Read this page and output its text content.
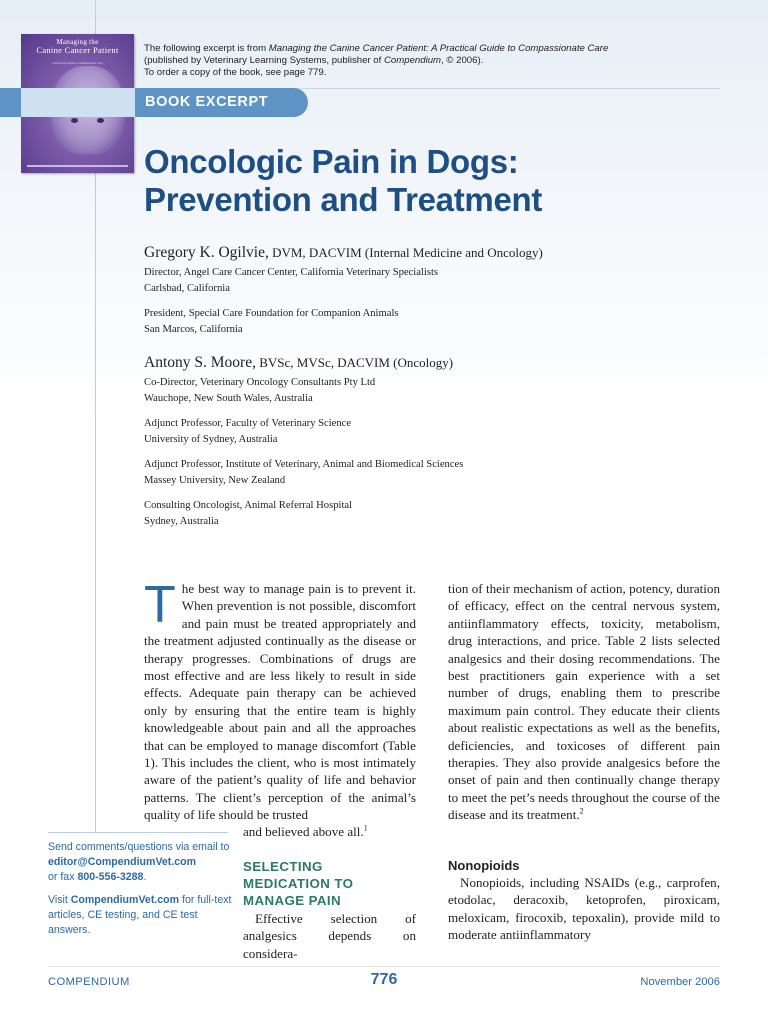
Managing the
Canine Cancer Patient
A Practical Guide to Compassionate Care
The following excerpt is from Managing the Canine Cancer Patient: A Practical Guide to Compassionate Care
(published by Veterinary Learning Systems, publisher of Compendium, © 2006).
To order a copy of the book, see page 779.
BOOK EXCERPT
Oncologic Pain in Dogs:
Prevention and Treatment

Gregory K. Ogilvie, DVM, DACVIM (Internal Medicine and Oncology)

Director, Angel Care Cancer Center, California Veterinary Specialists
Carlsbad, California

President, Special Care Foundation for Companion Animals
San Marcos, California

Antony S. Moore, BVSc, MVSc, DACVIM (Oncology)

Co-Director, Veterinary Oncology Consultants Pty Ltd
Wauchope, New South Wales, Australia

Adjunct Professor, Faculty of Veterinary Science
University of Sydney, Australia

Adjunct Professor, Institute of Veterinary, Animal and Biomedical Sciences
Massey University, New Zealand

Consulting Oncologist, Animal Referral Hospital
Sydney, Australia

The best way to manage pain is to prevent it. When prevention is not possible, discomfort and pain must be treated appropriately and the treatment adjusted continually as the disease or therapy progresses. Combinations of drugs are most effective and are less likely to result in side effects. Adequate pain therapy can be achieved only by ensuring that the entire team is highly knowledgeable about pain and all the approaches that can be employed to manage discomfort (Table 1). This includes the client, who is most intimately aware of the patient’s quality of life and behavior patterns. The client’s perception of the animal’s quality of life should be trusted
and believed above all.$^1$
SELECTING
MEDICATION TO
MANAGE PAIN
Effective selection of analgesics depends on considera-
tion of their mechanism of action, potency, duration of efficacy, effect on the central nervous system, antiinflammatory effects, toxicity, metabolism, drug interactions, and price. Table 2 lists selected analgesics and their dosing recommendations. The best practitioners gain experience with a set number of drugs, enabling them to prescribe maximum pain control. They educate their clients about realistic expectations as well as the benefits, deficiencies, and toxicoses of different pain therapies. They also provide analgesics before the onset of pain and then continually change therapy to meet the pet’s needs throughout the course of the disease and its treatment.$^2$
Nonopioids
Nonopioids, including NSAIDs (e.g., carprofen, etodolac, deracoxib, ketoprofen, piroxicam, meloxicam, firocoxib, tepoxalin), provide mild to moderate antiinflammatory

Send comments/questions via email to
editor@CompendiumVet.com
or fax 800-556-3288.

Visit CompendiumVet.com for full-text articles, CE testing, and CE test answers.

COMPENDIUM	776	November 2006
